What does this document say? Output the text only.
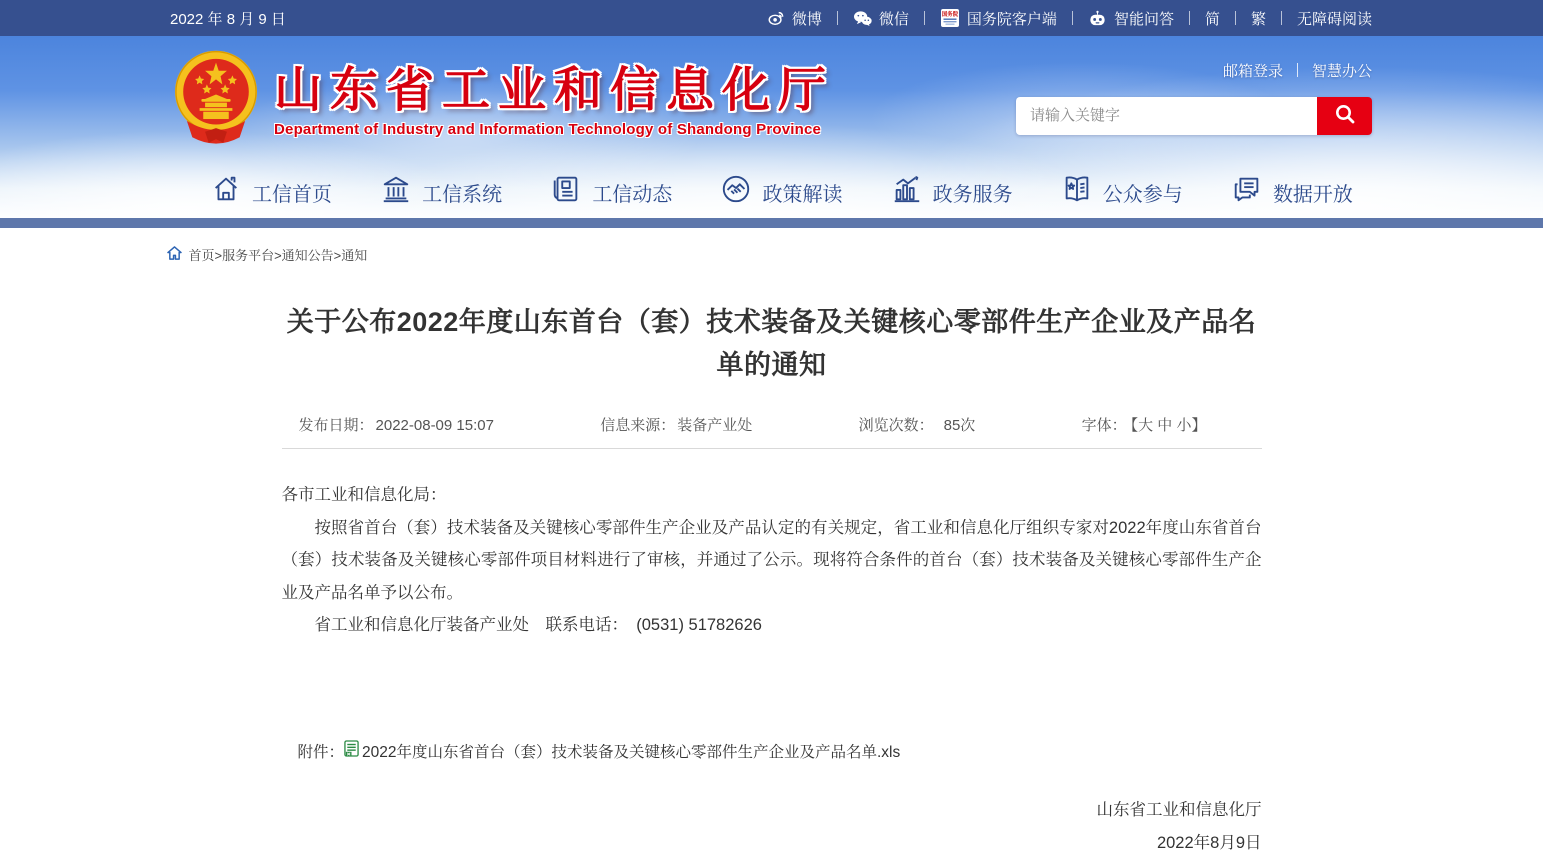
2022 年 8 月 9 日	微博	微信	国务院 国务院客户端	智能问答 简 繁 无障碍阅读
山东省工业和信息化厅
Department of Industry and Information Technology of Shandong Province
邮箱登录 智慧办公
请输入关键字
工信首页	工信系统	工信动态	政策解读	政务服务	公众参与	数据开放
首页>服务平台>通知公告>通知
关于公布2022年度山东首台（套）技术装备及关键核心零部件生产企业及产品名单的通知
发布日期： 2022-08-09 15:07	信息来源： 装备产业处	浏览次数： 85次	字体： 【大 中 小】

各市工业和信息化局：

按照省首台（套）技术装备及关键核心零部件生产企业及产品认定的有关规定，省工业和信息化厅组织专家对2022年度山东省首台（套）技术装备及关键核心零部件项目材料进行了审核，并通过了公示。现将符合条件的首台（套）技术装备及关键核心零部件生产企业及产品名单予以公布。

省工业和信息化厅装备产业处　联系电话：　(0531) 51782626

附件： 2022年度山东省首台（套）技术装备及关键核心零部件生产企业及产品名单.xls
山东省工业和信息化厅
2022年8月9日
